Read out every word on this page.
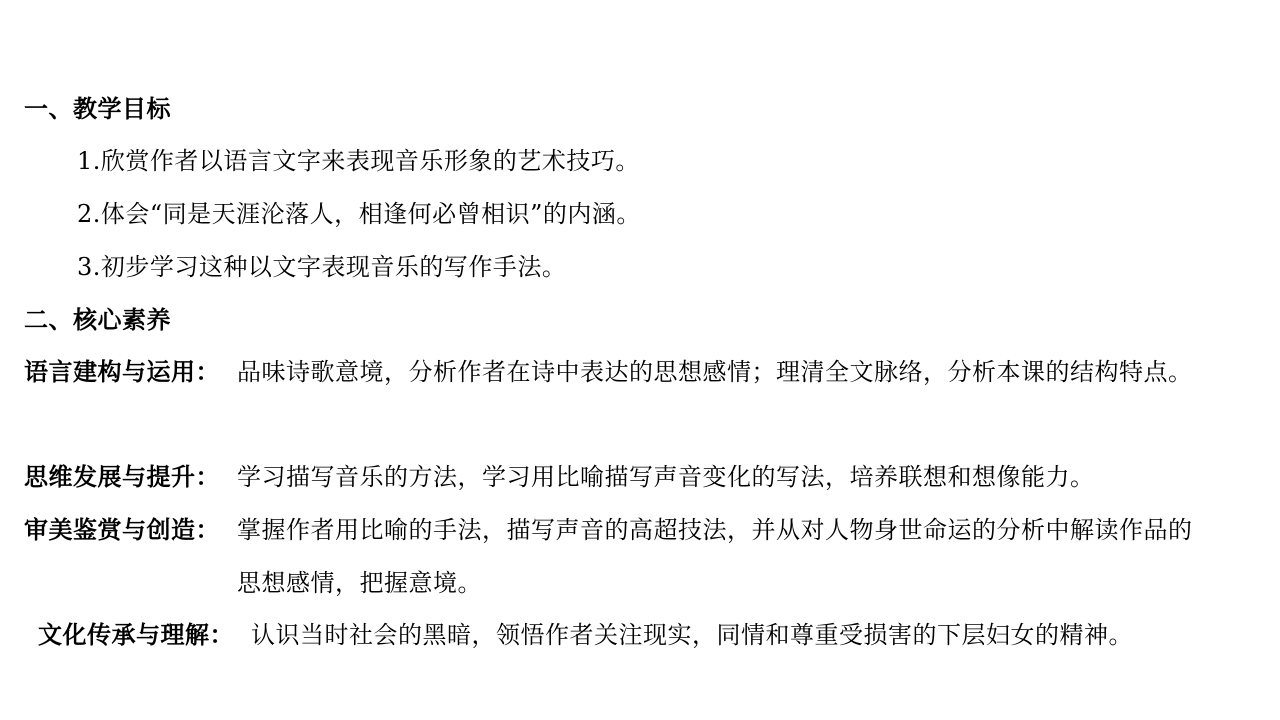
一、教学目标
1.欣赏作者以语言文字来表现音乐形象的艺术技巧。
2.体会“同是天涯沦落人，相逢何必曾相识”的内涵。
3.初步学习这种以文字表现音乐的写作手法。
二、核心素养
语言建构与运用： 品味诗歌意境，分析作者在诗中表达的思想感情；理清全文脉络，分析本课的结构特点。
思维发展与提升： 学习描写音乐的方法，学习用比喻描写声音变化的写法，培养联想和想像能力。
审美鉴赏与创造： 掌握作者用比喻的手法，描写声音的高超技法，并从对人物身世命运的分析中解读作品的思想感情，把握意境。
文化传承与理解： 认识当时社会的黑暗，领悟作者关注现实，同情和尊重受损害的下层妇女的精神。
